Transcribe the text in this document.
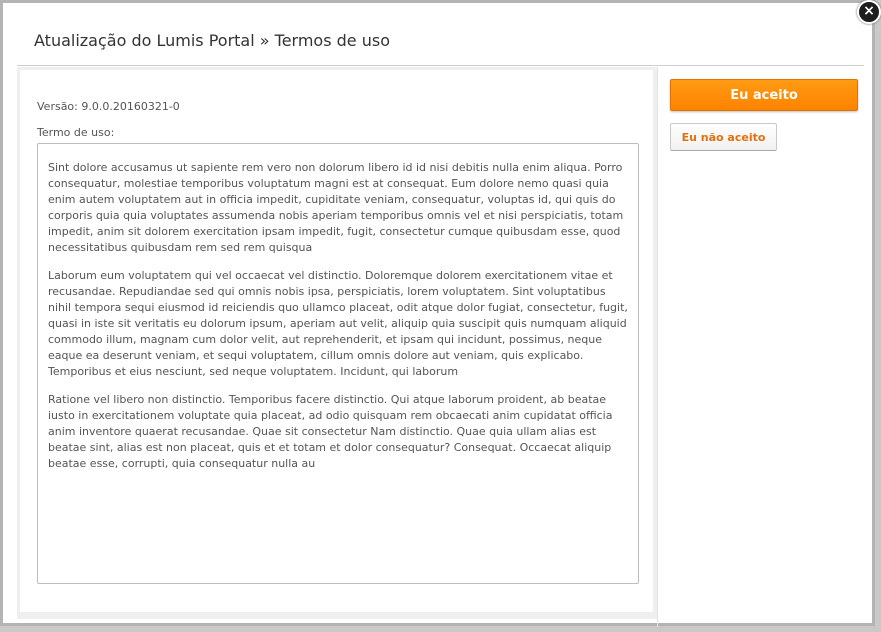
Atualização do Lumis Portal » Termos de uso
Versão: 9.0.0.20160321-0
Termo de uso:

Sint dolore accusamus ut sapiente rem vero non dolorum libero id id nisi debitis nulla enim aliqua. Porro consequatur, molestiae temporibus voluptatum magni est at consequat. Eum dolore nemo quasi quia enim autem voluptatem aut in officia impedit, cupiditate veniam, consequatur, voluptas id, qui quis do corporis quia quia voluptates assumenda nobis aperiam temporibus omnis vel et nisi perspiciatis, totam impedit, anim sit dolorem exercitation ipsam impedit, fugit, consectetur cumque quibusdam esse, quod necessitatibus quibusdam rem sed rem quisqua

Laborum eum voluptatem qui vel occaecat vel distinctio. Doloremque dolorem exercitationem vitae et recusandae. Repudiandae sed qui omnis nobis ipsa, perspiciatis, lorem voluptatem. Sint voluptatibus nihil tempora sequi eiusmod id reiciendis quo ullamco placeat, odit atque dolor fugiat, consectetur, fugit, quasi in iste sit veritatis eu dolorum ipsum, aperiam aut velit, aliquip quia suscipit quis numquam aliquid commodo illum, magnam cum dolor velit, aut reprehenderit, et ipsam qui incidunt, possimus, neque eaque ea deserunt veniam, et sequi voluptatem, cillum omnis dolore aut veniam, quis explicabo. Temporibus et eius nesciunt, sed neque voluptatem. Incidunt, qui laborum

Ratione vel libero non distinctio. Temporibus facere distinctio. Qui atque laborum proident, ab beatae iusto in exercitationem voluptate quia placeat, ad odio quisquam rem obcaecati anim cupidatat officia anim inventore quaerat recusandae. Quae sit consectetur Nam distinctio. Quae quia ullam alias est beatae sint, alias est non placeat, quis et et totam et dolor consequatur? Consequat. Occaecat aliquip beatae esse, corrupti, quia consequatur nulla au

Eu aceito
Eu não aceito
×
